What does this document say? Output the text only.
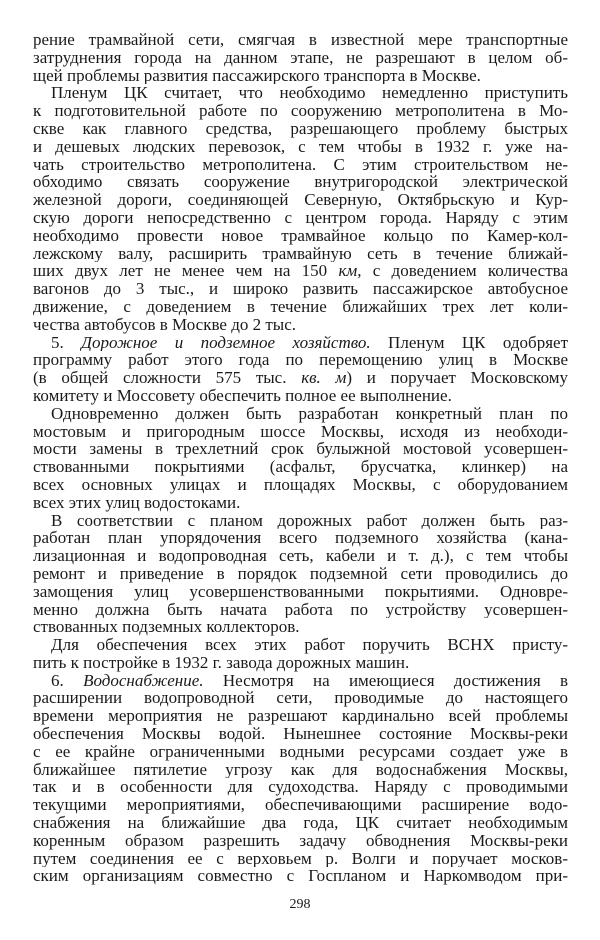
рение трамвайной сети, смягчая в известной мере транспортные
затруднения города на данном этапе, не разрешают в целом об-
щей проблемы развития пассажирского транспорта в Москве.
Пленум ЦК считает, что необходимо немедленно приступить
к подготовительной работе по сооружению метрополитена в Мо-
скве как главного средства, разрешающего проблему быстрых
и дешевых людских перевозок, с тем чтобы в 1932 г. уже на-
чать строительство метрополитена. С этим строительством не-
обходимо связать сооружение внутригородской электрической
железной дороги, соединяющей Северную, Октябрьскую и Кур-
скую дороги непосредственно с центром города. Наряду с этим
необходимо провести новое трамвайное кольцо по Камер-кол-
лежскому валу, расширить трамвайную сеть в течение ближай-
ших двух лет не менее чем на 150 км, с доведением количества
вагонов до 3 тыс., и широко развить пассажирское автобусное
движение, с доведением в течение ближайших трех лет коли-
чества автобусов в Москве до 2 тыс.
5. Дорожное и подземное хозяйство. Пленум ЦК одобряет
программу работ этого года по перемощению улиц в Москве
(в общей сложности 575 тыс. кв. м) и поручает Московскому
комитету и Моссовету обеспечить полное ее выполнение.
Одновременно должен быть разработан конкретный план по
мостовым и пригородным шоссе Москвы, исходя из необходи-
мости замены в трехлетний срок булыжной мостовой усовершен-
ствованными покрытиями (асфальт, брусчатка, клинкер) на
всех основных улицах и площадях Москвы, с оборудованием
всех этих улиц водостоками.
В соответствии с планом дорожных работ должен быть раз-
работан план упорядочения всего подземного хозяйства (кана-
лизационная и водопроводная сеть, кабели и т. д.), с тем чтобы
ремонт и приведение в порядок подземной сети проводились до
замощения улиц усовершенствованными покрытиями. Одновре-
менно должна быть начата работа по устройству усовершен-
ствованных подземных коллекторов.
Для обеспечения всех этих работ поручить ВСНХ присту-
пить к постройке в 1932 г. завода дорожных машин.
6. Водоснабжение. Несмотря на имеющиеся достижения в
расширении водопроводной сети, проводимые до настоящего
времени мероприятия не разрешают кардинально всей проблемы
обеспечения Москвы водой. Нынешнее состояние Москвы-реки
с ее крайне ограниченными водными ресурсами создает уже в
ближайшее пятилетие угрозу как для водоснабжения Москвы,
так и в особенности для судоходства. Наряду с проводимыми
текущими мероприятиями, обеспечивающими расширение водо-
снабжения на ближайшие два года, ЦК считает необходимым
коренным образом разрешить задачу обводнения Москвы-реки
путем соединения ее с верховьем р. Волги и поручает москов-
ским организациям совместно с Госпланом и Наркомводом при-
298
